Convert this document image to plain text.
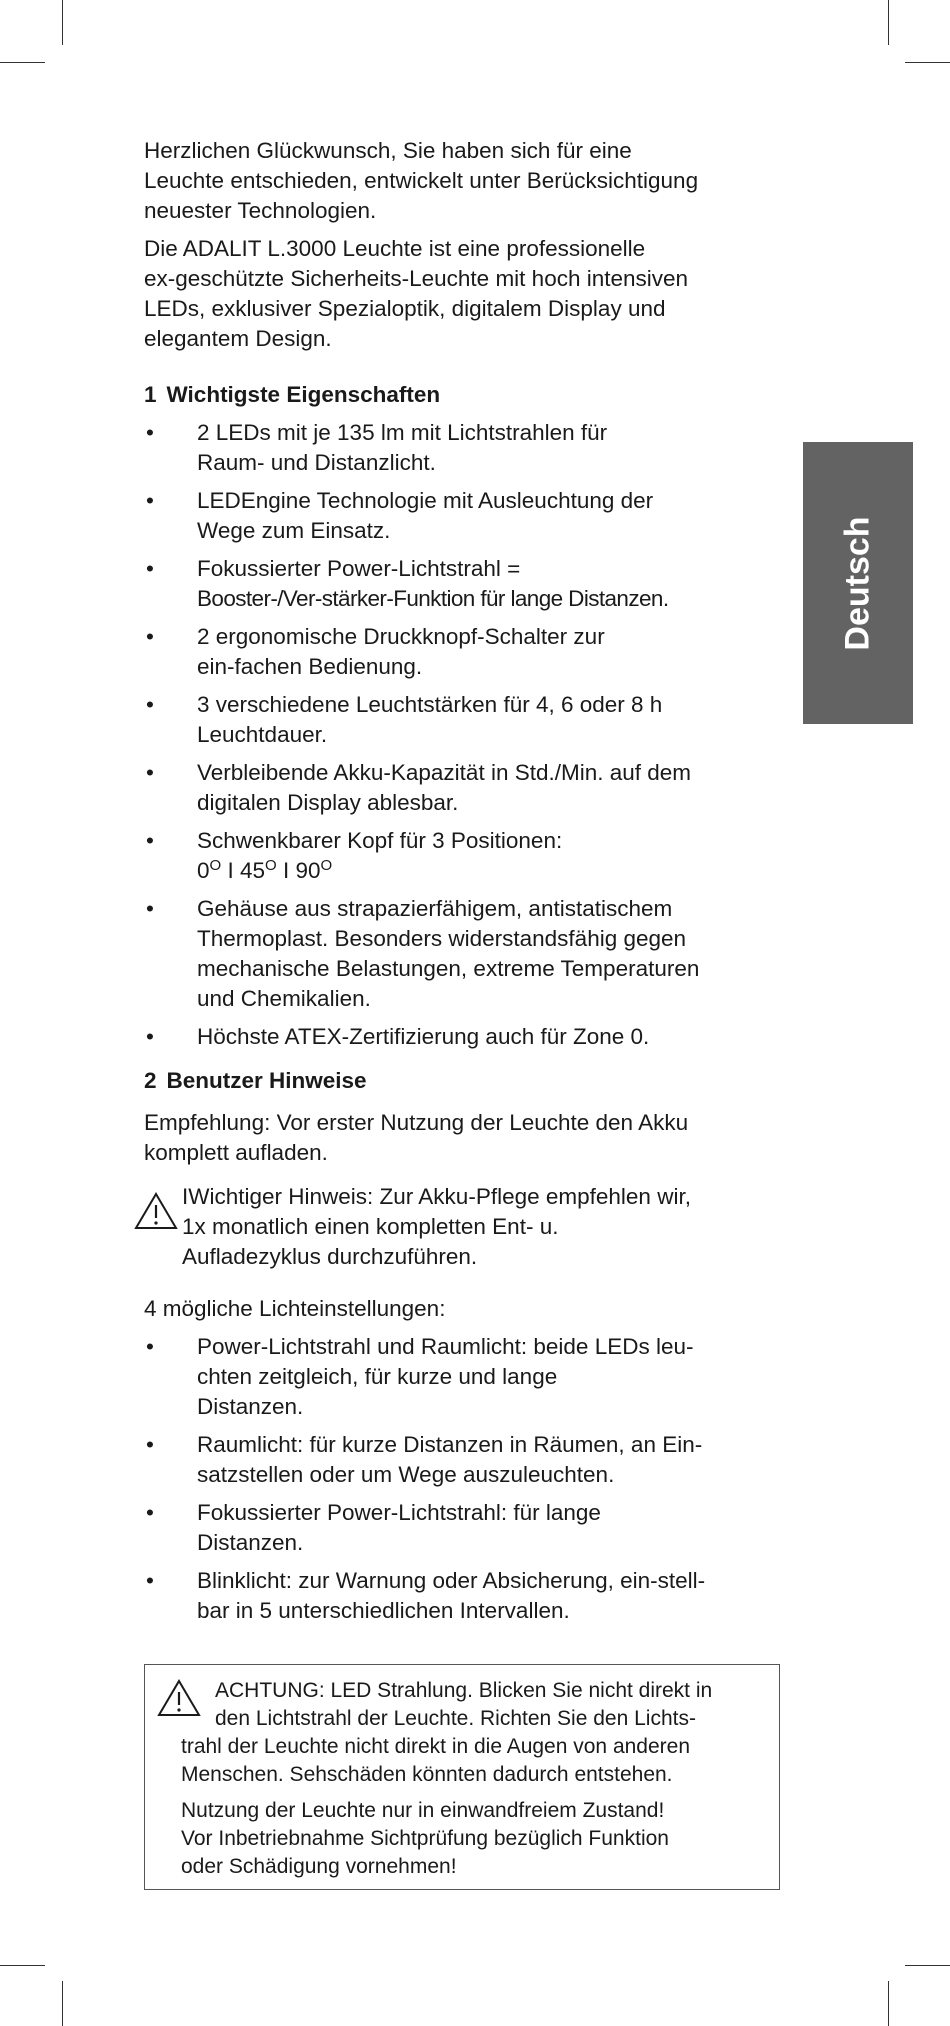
Deutsch

Herzlichen Glückwunsch, Sie haben sich für eine
Leuchte entschieden, entwickelt unter Berücksichtigung
neuester Technologien.

Die ADALIT L.3000 Leuchte ist eine professionelle
ex-geschützte Sicherheits-Leuchte mit hoch intensiven
LEDs, exklusiver Spezialoptik, digitalem Display und
elegantem Design.

1 Wichtigste Eigenschaften
• 2 LEDs mit je 135 lm mit Lichtstrahlen für
Raum- und Distanzlicht.
• LEDEngine Technologie mit Ausleuchtung der
Wege zum Einsatz.
• Fokussierter Power-Lichtstrahl =
Booster-/Ver-stärker-Funktion für lange Distanzen.
• 2 ergonomische Druckknopf-Schalter zur
ein-fachen Bedienung.
• 3 verschiedene Leuchtstärken für 4, 6 oder 8 h
Leuchtdauer.
• Verbleibende Akku-Kapazität in Std./Min. auf dem
digitalen Display ablesbar.
• Schwenkbarer Kopf für 3 Positionen:
$0^O$ I $45^O$ I $90^O$
• Gehäuse aus strapazierfähigem, antistatischem
Thermoplast. Besonders widerstandsfähig gegen
mechanische Belastungen, extreme Temperaturen
und Chemikalien.
• Höchste ATEX-Zertifizierung auch für Zone 0.
2 Benutzer Hinweise

Empfehlung: Vor erster Nutzung der Leuchte den Akku
komplett aufladen.

IWichtiger Hinweis: Zur Akku-Pflege empfehlen wir,
1x monatlich einen kompletten Ent- u.
Aufladezyklus durchzuführen.

4 mögliche Lichteinstellungen:

• Power-Lichtstrahl und Raumlicht: beide LEDs leu-
chten zeitgleich, für kurze und lange
Distanzen.
• Raumlicht: für kurze Distanzen in Räumen, an Ein-
satzstellen oder um Wege auszuleuchten.
• Fokussierter Power-Lichtstrahl: für lange
Distanzen.
• Blinklicht: zur Warnung oder Absicherung, ein-stell-
bar in 5 unterschiedlichen Intervallen.

ACHTUNG: LED Strahlung. Blicken Sie nicht direkt in
den Lichtstrahl der Leuchte. Richten Sie den Lichts-
trahl der Leuchte nicht direkt in die Augen von anderen
Menschen. Sehschäden könnten dadurch entstehen.

Nutzung der Leuchte nur in einwandfreiem Zustand!
Vor Inbetriebnahme Sichtprüfung bezüglich Funktion
oder Schädigung vornehmen!
